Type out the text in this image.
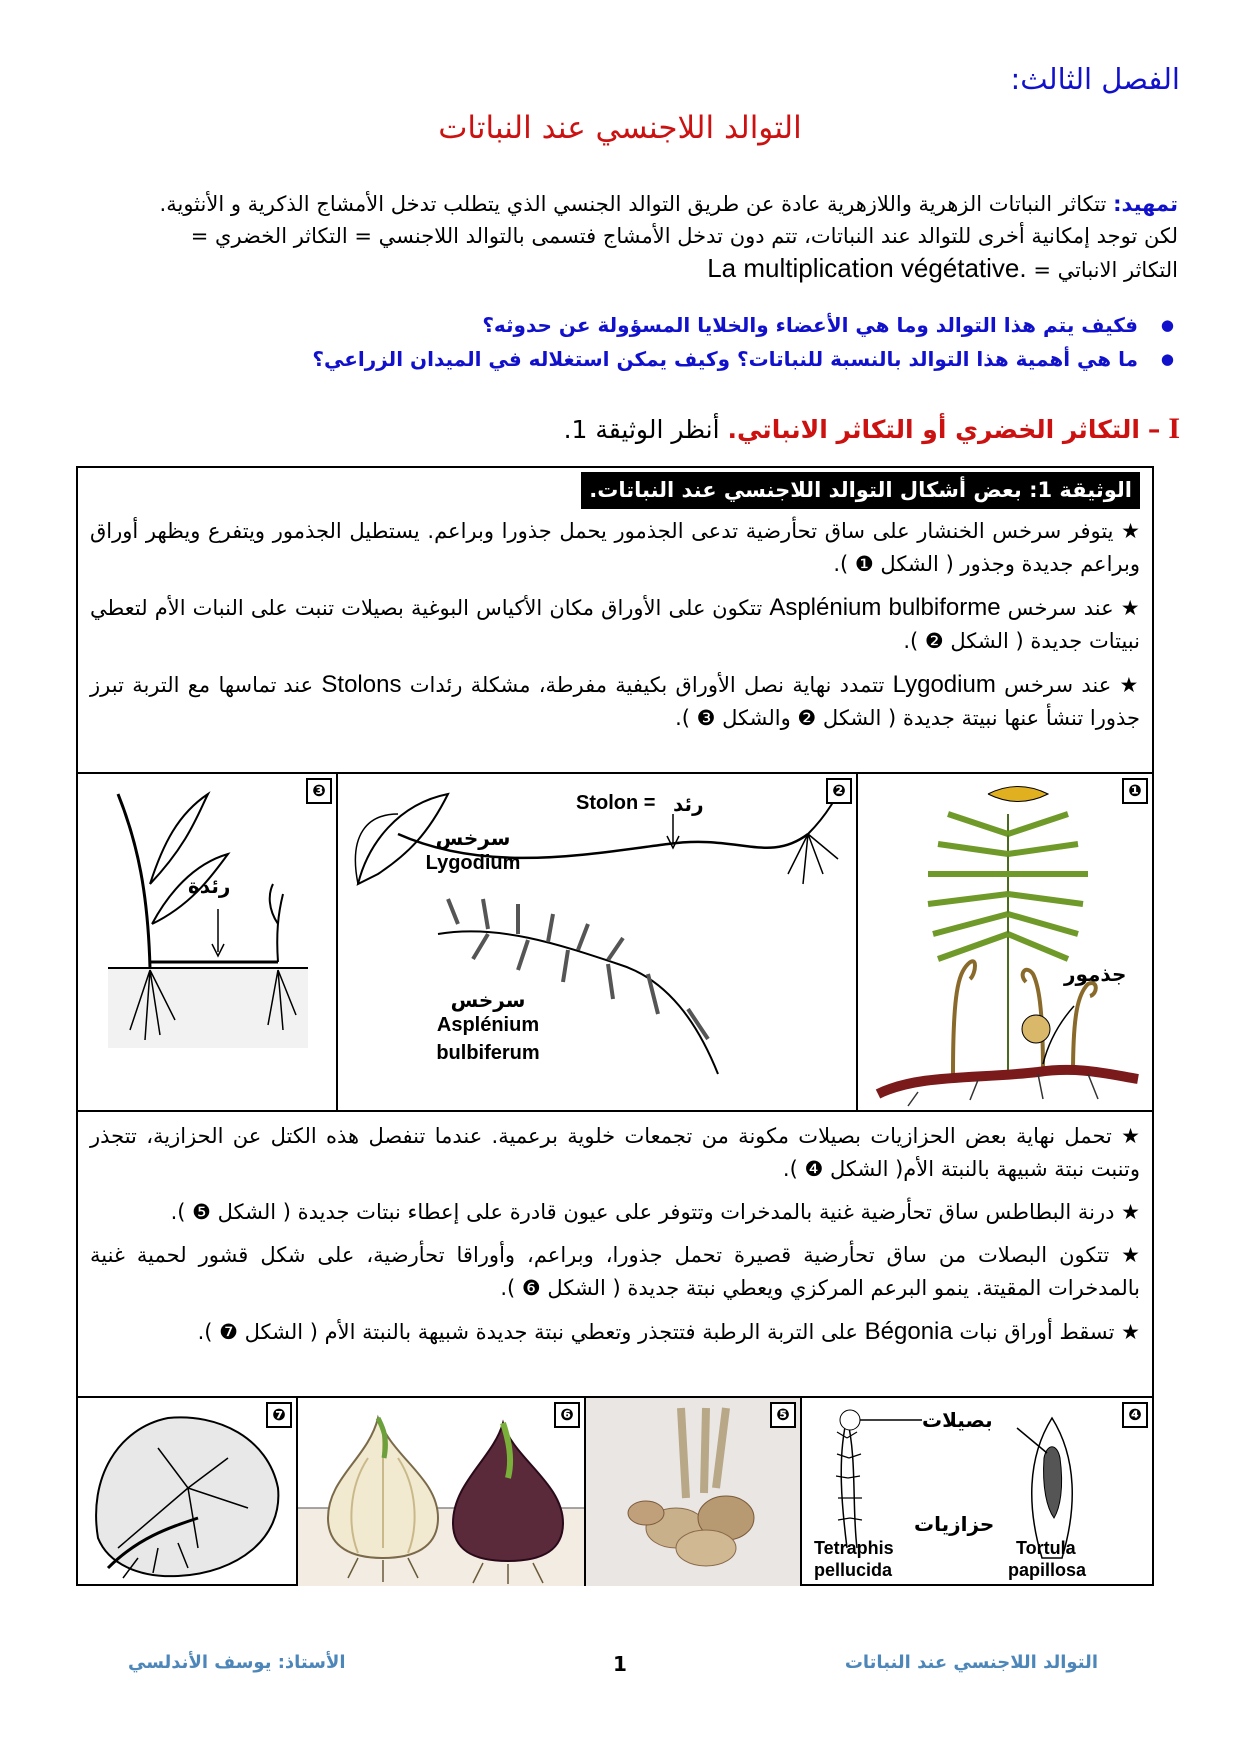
الفصل الثالث:
التوالد اللاجنسي عند النباتات
تمهيد: تتكاثر النباتات الزهرية واللازهرية عادة عن طريق التوالد الجنسي الذي يتطلب تدخل الأمشاج الذكرية و الأنثوية.
لكن توجد إمكانية أخرى للتوالد عند النباتات، تتم دون تدخل الأمشاج فتسمى بالتوالد اللاجنسي = التكاثر الخضري =
التكاثر الانباتي = La multiplication végétative.
● فكيف يتم هذا التوالد وما هي الأعضاء والخلايا المسؤولة عن حدوثه؟
● ما هي أهمية هذا التوالد بالنسبة للنباتات؟ وكيف يمكن استغلاله في الميدان الزراعي؟
I – التكاثر الخضري أو التكاثر الانباتي. أنظر الوثيقة 1.
الوثيقة 1: بعض أشكال التوالد اللاجنسي عند النباتات.

★ يتوفر سرخس الخنشار على ساق تحأرضية تدعى الجذمور يحمل جذورا وبراعم. يستطيل الجذمور ويتفرع ويظهر أوراق وبراعم جديدة وجذور ( الشكل ❶ ).

★ عند سرخس Asplénium bulbiforme تتكون على الأوراق مكان الأكياس البوغية بصيلات تنبت على النبات الأم لتعطي نبيتات جديدة ( الشكل ❷ ).

★ عند سرخس Lygodium تتمدد نهاية نصل الأوراق بكيفية مفرطة، مشكلة رئدات Stolons عند تماسها مع التربة تبرز جذورا تنشأ عنها نبيتة جديدة ( الشكل ❷ والشكل ❸ ).

❸
رئدة
❷
Stolon = رئد
سرخس
Lygodium
سرخس
Asplénium
bulbiferum
❶
جذمور

★ تحمل نهاية بعض الحزازيات بصيلات مكونة من تجمعات خلوية برعمية. عندما تنفصل هذه الكتل عن الحزازية، تتجذر وتنبت نبتة شبيهة بالنبتة الأم( الشكل ❹ ).

★ درنة البطاطس ساق تحأرضية غنية بالمدخرات وتتوفر على عيون قادرة على إعطاء نبتات جديدة ( الشكل ❺ ).

★ تتكون البصلات من ساق تحأرضية قصيرة تحمل جذورا، وبراعم، وأوراقا تحأرضية، على شكل قشور لحمية غنية بالمدخرات المقيتة. ينمو البرعم المركزي ويعطي نبتة جديدة ( الشكل ❻ ).

★ تسقط أوراق نبات Bégonia على التربة الرطبة فتتجذر وتعطي نبتة جديدة شبيهة بالنبتة الأم ( الشكل ❼ ).

❼	❻	❺	❹
بصيلات
حزازيات
Tetraphis
pellucida
Tortula
papillosa
التوالد اللاجنسي عند النباتات
1
الأستاذ: يوسف الأندلسي
